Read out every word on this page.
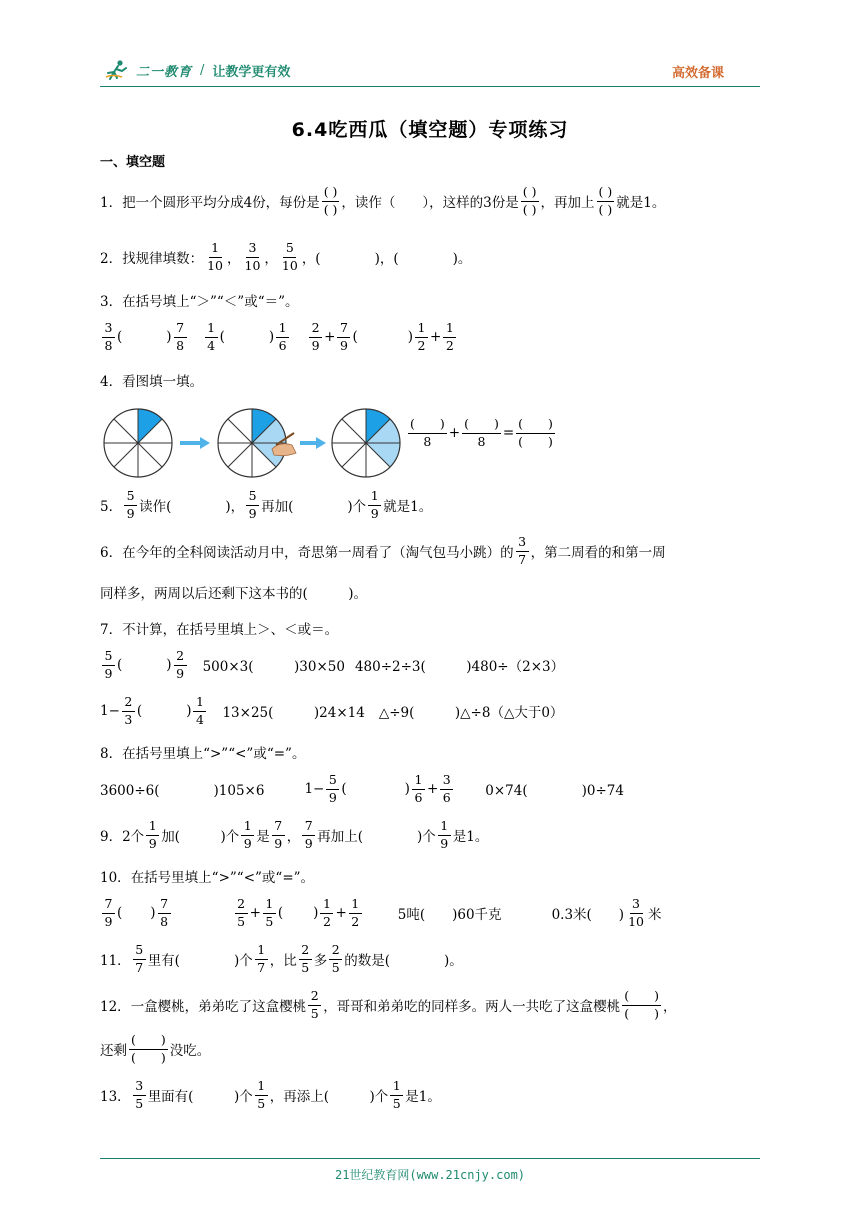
二一教育 / 让教学更有效	高效备课
6.4吃西瓜（填空题）专项练习
一、填空题
1． 把一个圆形平均分成4份，每份是 $\frac{( )}{( )}$ ，读作（　　），这样的3份是 $\frac{( )}{( )}$ ，再加上 $\frac{( )}{( )}$ 就是1。
2． 找规律填数： $\frac{1}{10}$ ， $\frac{3}{10}$ ， $\frac{5}{10}$ ，(　　　　)，(　　　　)。
3． 在括号填上“＞”“＜”或“＝”。
$\frac{3}{8}$ (	) $\frac{7}{8} \frac{1}{4}$ (	) $\frac{1}{6} \frac{2}{9} + \frac{7}{9}$ (	) $\frac{1}{2} + \frac{1}{2}$
4． 看图填一填。
$\frac{( )}{8} + \frac{( )}{8} = \frac{( )}{( )}$
5． $\frac{5}{9}$ 读作(　　　　)， $\frac{5}{9}$ 再加(　　　　)个 $\frac{1}{9}$ 就是1。
6． 在今年的全科阅读活动月中，奇思第一周看了（淘气包马小跳）的 $\frac{3}{7}$ ，第二周看的和第一周
同样多，两周以后还剩下这本书的(　　　)。
7． 不计算，在括号里填上＞、＜或＝。
$\frac{5}{9}$ (	) $\frac{2}{9} 500\times 3$(　　　)30×50 480÷2÷3(　　　)480÷（2×3）
$1- \frac{2}{3}$ (	) $\frac{1}{4} 13\times 25$(　　　)24×14 △÷9(　　　)△÷8（△大于0）
8． 在括号里填上“>”“<”或“=”。
3600÷6(　　　　)105×6	$1- \frac{5}{9}$ (	) $\frac{1}{6} + \frac{3}{6} 0\times 74$(　　　　)0÷74
9． 2个 $\frac{1}{9}$ 加(　　　)个 $\frac{1}{9}$ 是 $\frac{7}{9}$ ， $\frac{7}{9}$ 再加上(　　　　)个 $\frac{1}{9}$ 是1。
10． 在括号里填上“>”“<”或“=”。
$\frac{7}{9}$ ( ) $\frac{7}{8}$	$\frac{2}{5} + \frac{1}{5}$ ( ) $\frac{1}{2} + \frac{1}{2}$	5吨(　　)60千克	0.3米(　　) $\frac{3}{10}$ 米
11． $\frac{5}{7}$ 里有(　　　　)个 $\frac{1}{7}$ ，比 $\frac{2}{5}$ 多 $\frac{2}{5}$ 的数是(　　　　)。
12． 一盒樱桃，弟弟吃了这盒樱桃 $\frac{2}{5}$ ，哥哥和弟弟吃的同样多。两人一共吃了这盒樱桃 $\frac{( )}{( )}$ ，
还剩 $\frac{( )}{( )}$ 没吃。
13． $\frac{3}{5}$ 里面有(　　　)个 $\frac{1}{5}$ ，再添上(　　　)个 $\frac{1}{5}$ 是1。
21世纪教育网(www.21cnjy.com)
